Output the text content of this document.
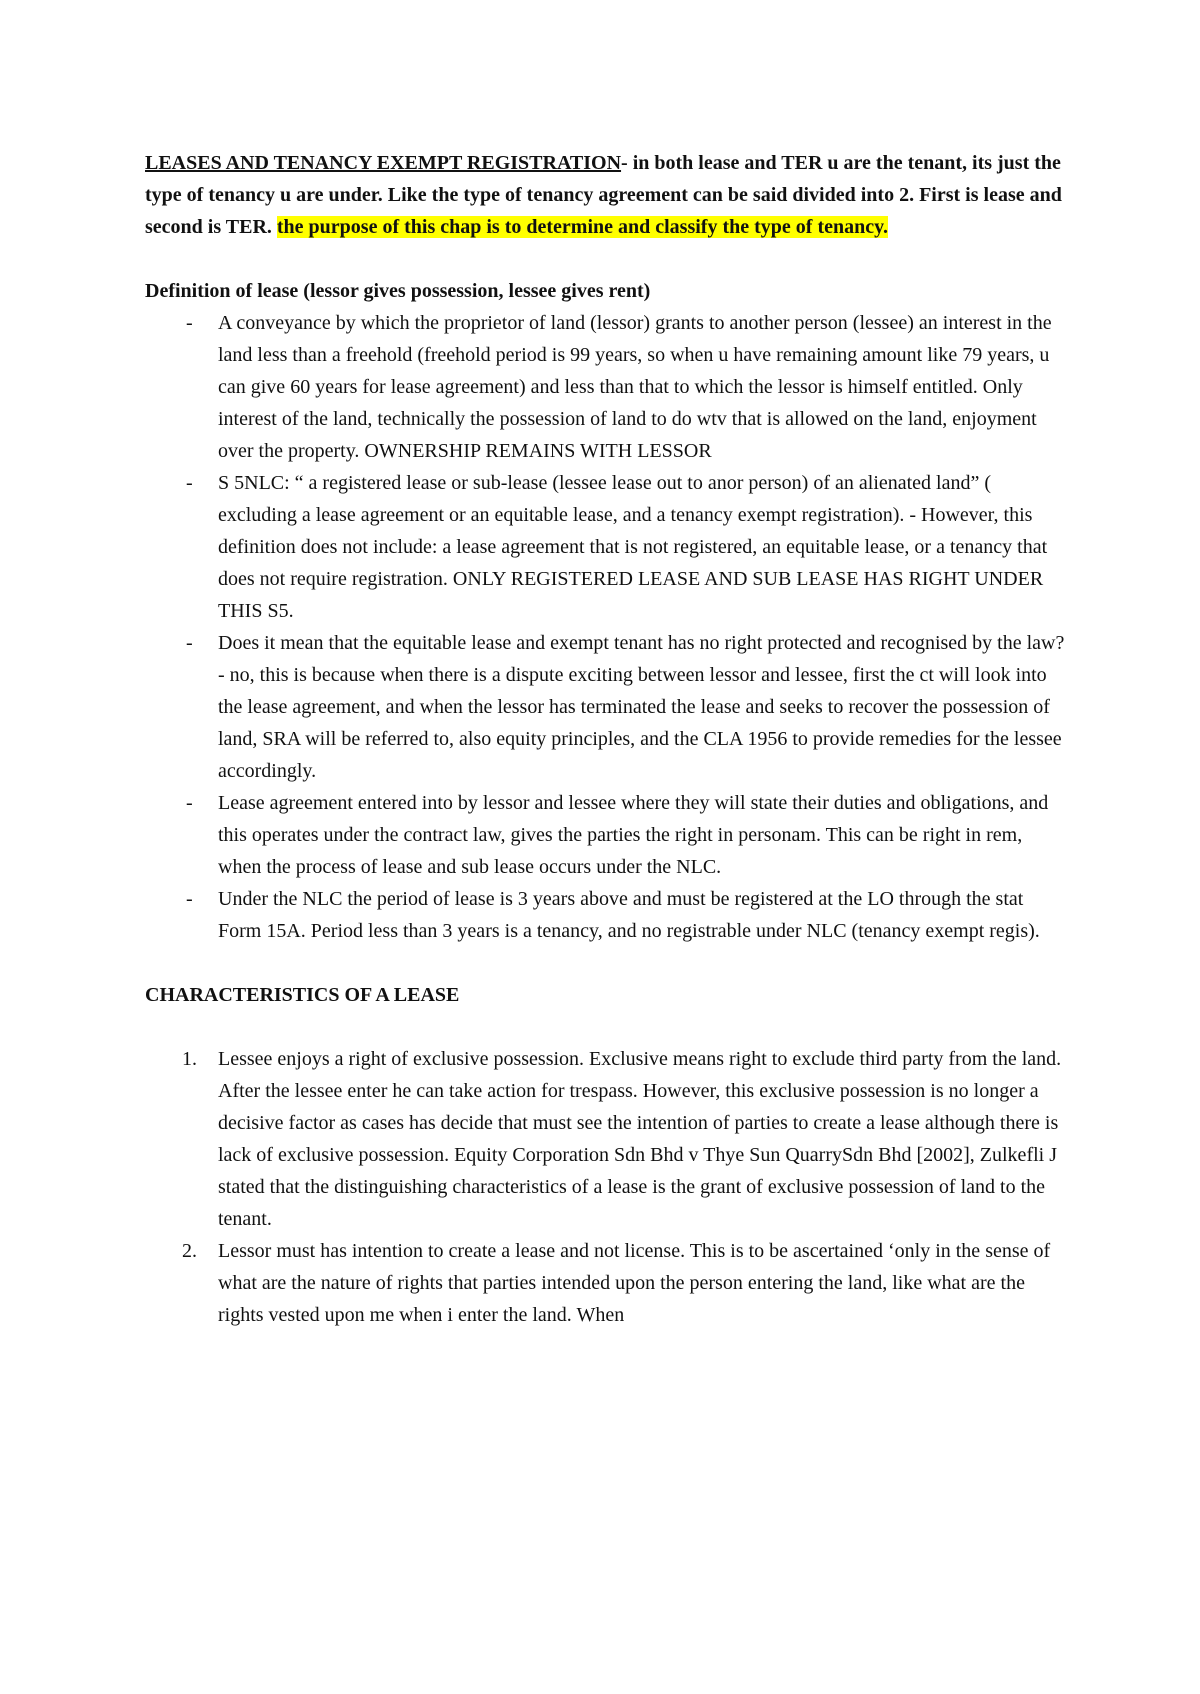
LEASES AND TENANCY EXEMPT REGISTRATION- in both lease and TER u are the tenant, its just the type of tenancy u are under. Like the type of tenancy agreement can be said divided into 2. First is lease and second is TER. the purpose of this chap is to determine and classify the type of tenancy.

Definition of lease (lessor gives possession, lessee gives rent)

- A conveyance by which the proprietor of land (lessor) grants to another person (lessee) an interest in the land less than a freehold (freehold period is 99 years, so when u have remaining amount like 79 years, u can give 60 years for lease agreement) and less than that to which the lessor is himself entitled. Only interest of the land, technically the possession of land to do wtv that is allowed on the land, enjoyment over the property. OWNERSHIP REMAINS WITH LESSOR
- S 5NLC: “ a registered lease or sub-lease (lessee lease out to anor person) of an alienated land” ( excluding a lease agreement or an equitable lease, and a tenancy exempt registration). - However, this definition does not include: a lease agreement that is not registered, an equitable lease, or a tenancy that does not require registration. ONLY REGISTERED LEASE AND SUB LEASE HAS RIGHT UNDER THIS S5.
- Does it mean that the equitable lease and exempt tenant has no right protected and recognised by the law? - no, this is because when there is a dispute exciting between lessor and lessee, first the ct will look into the lease agreement, and when the lessor has terminated the lease and seeks to recover the possession of land, SRA will be referred to, also equity principles, and the CLA 1956 to provide remedies for the lessee accordingly.
- Lease agreement entered into by lessor and lessee where they will state their duties and obligations, and this operates under the contract law, gives the parties the right in personam. This can be right in rem, when the process of lease and sub lease occurs under the NLC.
- Under the NLC the period of lease is 3 years above and must be registered at the LO through the stat Form 15A. Period less than 3 years is a tenancy, and no registrable under NLC (tenancy exempt regis).

CHARACTERISTICS OF A LEASE

1. Lessee enjoys a right of exclusive possession. Exclusive means right to exclude third party from the land. After the lessee enter he can take action for trespass. However, this exclusive possession is no longer a decisive factor as cases has decide that must see the intention of parties to create a lease although there is lack of exclusive possession. Equity Corporation Sdn Bhd v Thye Sun QuarrySdn Bhd [2002], Zulkefli J stated that the distinguishing characteristics of a lease is the grant of exclusive possession of land to the tenant.
2. Lessor must has intention to create a lease and not license. This is to be ascertained ‘only in the sense of what are the nature of rights that parties intended upon the person entering the land, like what are the rights vested upon me when i enter the land. When
